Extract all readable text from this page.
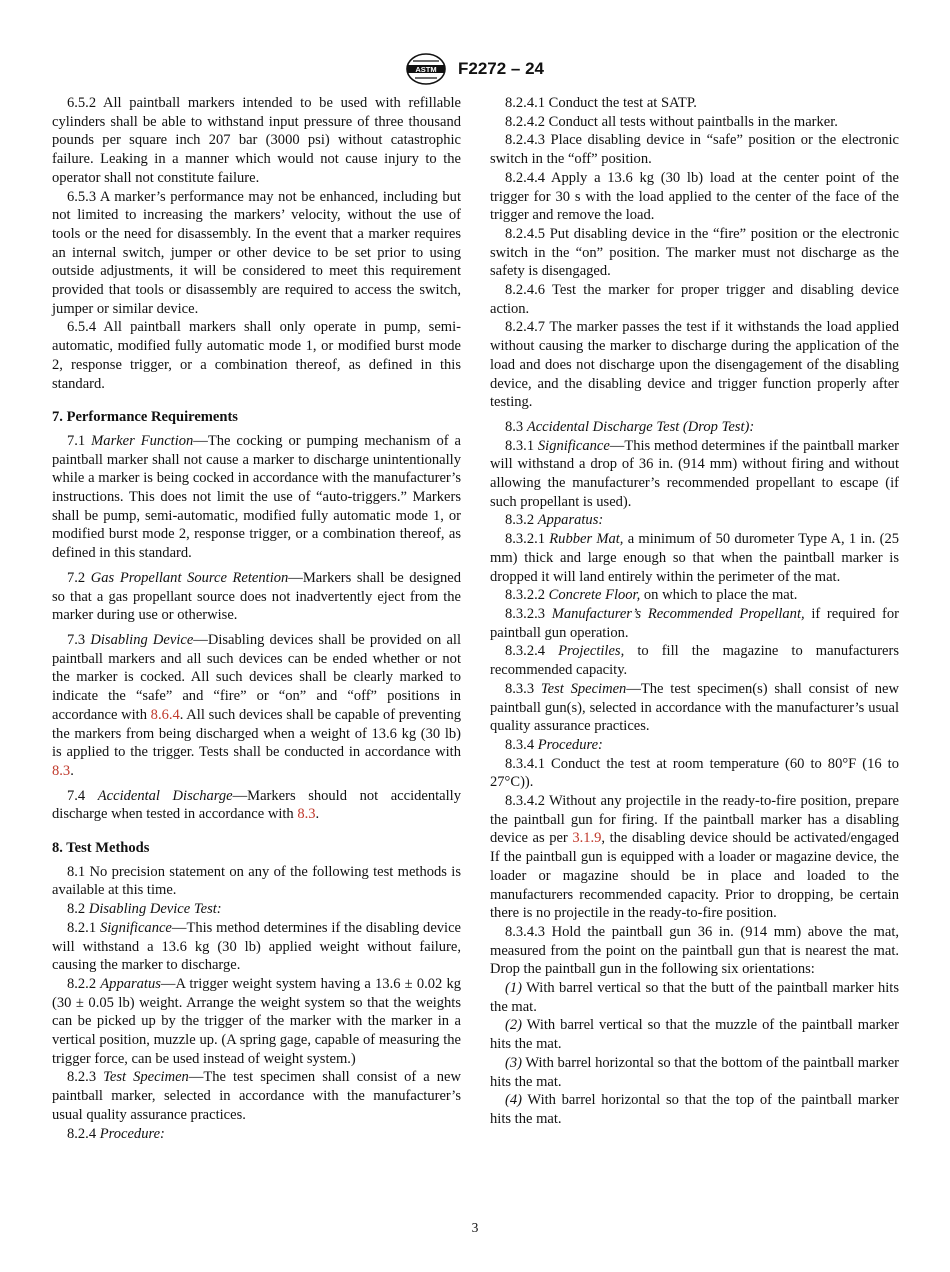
ASTM F2272 – 24

6.5.2 All paintball markers intended to be used with refillable cylinders shall be able to withstand input pressure of three thousand pounds per square inch 207 bar (3000 psi) without catastrophic failure. Leaking in a manner which would not cause injury to the operator shall not constitute failure.

6.5.3 A marker’s performance may not be enhanced, including but not limited to increasing the markers’ velocity, without the use of tools or the need for disassembly. In the event that a marker requires an internal switch, jumper or other device to be set prior to using outside adjustments, it will be considered to meet this requirement provided that tools or disassembly are required to access the switch, jumper or similar device.

6.5.4 All paintball markers shall only operate in pump, semi-automatic, modified fully automatic mode 1, or modified burst mode 2, response trigger, or a combination thereof, as defined in this standard.

7. Performance Requirements

7.1 Marker Function—The cocking or pumping mechanism of a paintball marker shall not cause a marker to discharge unintentionally while a marker is being cocked in accordance with the manufacturer’s instructions. This does not limit the use of “auto-triggers.” Markers shall be pump, semi-automatic, modified fully automatic mode 1, or modified burst mode 2, response trigger, or a combination thereof, as defined in this standard.

7.2 Gas Propellant Source Retention—Markers shall be designed so that a gas propellant source does not inadvertently eject from the marker during use or otherwise.

7.3 Disabling Device—Disabling devices shall be provided on all paintball markers and all such devices can be ended whether or not the marker is cocked. All such devices shall be clearly marked to indicate the “safe” and “fire” or “on” and “off” positions in accordance with 8.6.4. All such devices shall be capable of preventing the markers from being discharged when a weight of 13.6 kg (30 lb) is applied to the trigger. Tests shall be conducted in accordance with 8.3.

7.4 Accidental Discharge—Markers should not accidentally discharge when tested in accordance with 8.3.

8. Test Methods

8.1 No precision statement on any of the following test methods is available at this time.

8.2 Disabling Device Test:

8.2.1 Significance—This method determines if the disabling device will withstand a 13.6 kg (30 lb) applied weight without failure, causing the marker to discharge.

8.2.2 Apparatus—A trigger weight system having a 13.6 ± 0.02 kg (30 ± 0.05 lb) weight. Arrange the weight system so that the weights can be picked up by the trigger of the marker with the marker in a vertical position, muzzle up. (A spring gage, capable of measuring the trigger force, can be used instead of weight system.)

8.2.3 Test Specimen—The test specimen shall consist of a new paintball marker, selected in accordance with the manufacturer’s usual quality assurance practices.

8.2.4 Procedure:

8.2.4.1 Conduct the test at SATP.

8.2.4.2 Conduct all tests without paintballs in the marker.

8.2.4.3 Place disabling device in “safe” position or the electronic switch in the “off” position.

8.2.4.4 Apply a 13.6 kg (30 lb) load at the center point of the trigger for 30 s with the load applied to the center of the face of the trigger and remove the load.

8.2.4.5 Put disabling device in the “fire” position or the electronic switch in the “on” position. The marker must not discharge as the safety is disengaged.

8.2.4.6 Test the marker for proper trigger and disabling device action.

8.2.4.7 The marker passes the test if it withstands the load applied without causing the marker to discharge during the application of the load and does not discharge upon the disengagement of the disabling device, and the disabling device and trigger function properly after testing.

8.3 Accidental Discharge Test (Drop Test):

8.3.1 Significance—This method determines if the paintball marker will withstand a drop of 36 in. (914 mm) without firing and without allowing the manufacturer’s recommended propellant to escape (if such propellant is used).

8.3.2 Apparatus:

8.3.2.1 Rubber Mat, a minimum of 50 durometer Type A, 1 in. (25 mm) thick and large enough so that when the paintball marker is dropped it will land entirely within the perimeter of the mat.

8.3.2.2 Concrete Floor, on which to place the mat.

8.3.2.3 Manufacturer’s Recommended Propellant, if required for paintball gun operation.

8.3.2.4 Projectiles, to fill the magazine to manufacturers recommended capacity.

8.3.3 Test Specimen—The test specimen(s) shall consist of new paintball gun(s), selected in accordance with the manufacturer’s usual quality assurance practices.

8.3.4 Procedure:

8.3.4.1 Conduct the test at room temperature (60 to 80°F (16 to 27°C)).

8.3.4.2 Without any projectile in the ready-to-fire position, prepare the paintball gun for firing. If the paintball marker has a disabling device as per 3.1.9, the disabling device should be activated/engaged If the paintball gun is equipped with a loader or magazine device, the loader or magazine should be in place and loaded to the manufacturers recommended capacity. Prior to dropping, be certain there is no projectile in the ready-to-fire position.

8.3.4.3 Hold the paintball gun 36 in. (914 mm) above the mat, measured from the point on the paintball gun that is nearest the mat. Drop the paintball gun in the following six orientations:

(1) With barrel vertical so that the butt of the paintball marker hits the mat.

(2) With barrel vertical so that the muzzle of the paintball marker hits the mat.

(3) With barrel horizontal so that the bottom of the paintball marker hits the mat.

(4) With barrel horizontal so that the top of the paintball marker hits the mat.

3
